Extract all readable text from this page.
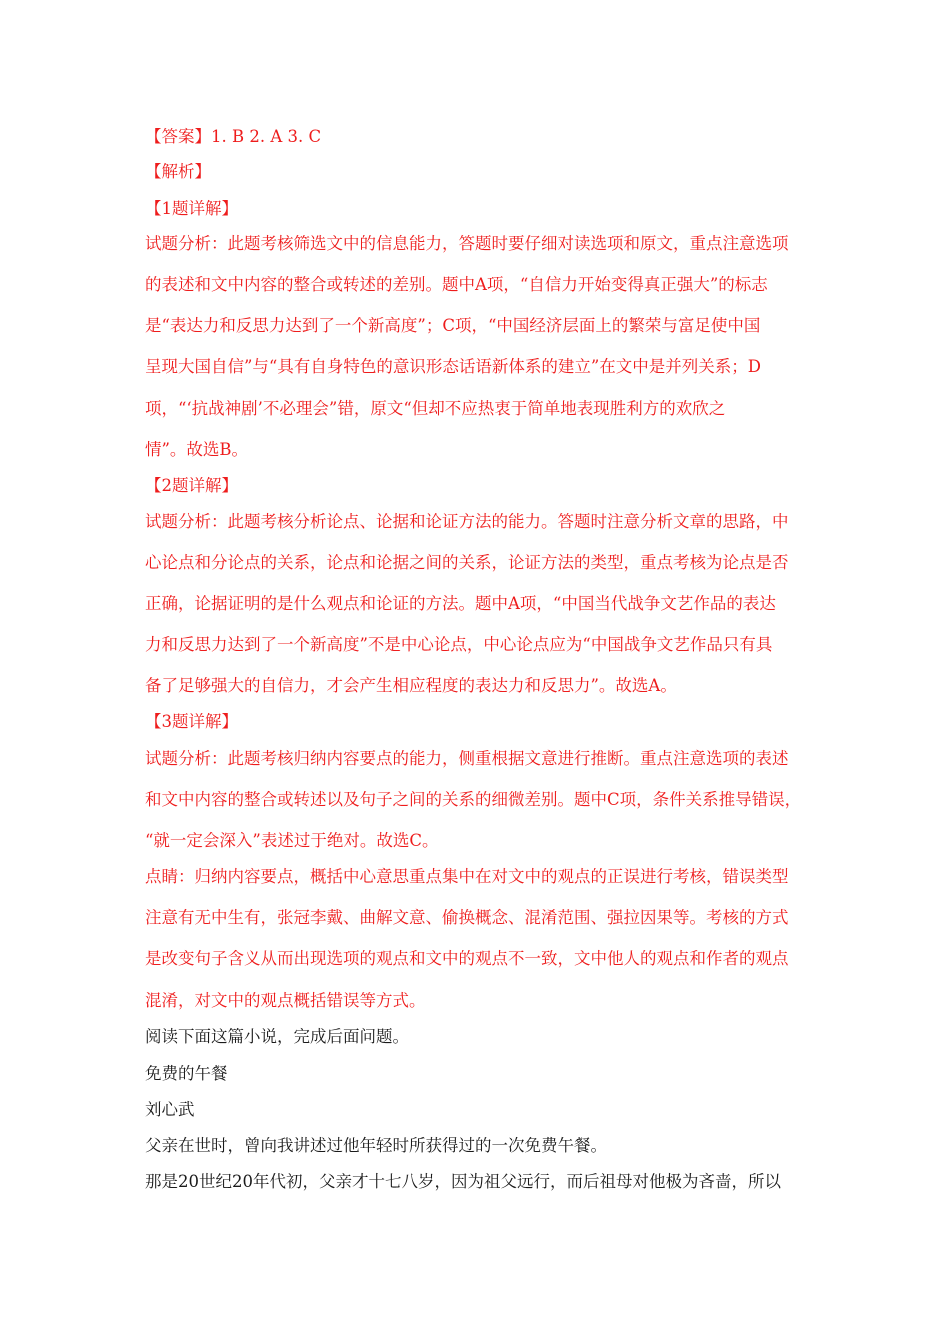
【答案】1. B 2. A 3. C
【解析】
【1题详解】
试题分析：此题考核筛选文中的信息能力，答题时要仔细对读选项和原文，重点注意选项
的表述和文中内容的整合或转述的差别。题中A项，“自信力开始变得真正强大”的标志
是“表达力和反思力达到了一个新高度”；C项，“中国经济层面上的繁荣与富足使中国
呈现大国自信”与“具有自身特色的意识形态话语新体系的建立”在文中是并列关系；D
项，“‘抗战神剧’不必理会”错，原文“但却不应热衷于简单地表现胜利方的欢欣之
情”。故选B。
【2题详解】
试题分析：此题考核分析论点、论据和论证方法的能力。答题时注意分析文章的思路，中
心论点和分论点的关系，论点和论据之间的关系，论证方法的类型，重点考核为论点是否
正确，论据证明的是什么观点和论证的方法。题中A项，“中国当代战争文艺作品的表达
力和反思力达到了一个新高度”不是中心论点，中心论点应为“中国战争文艺作品只有具
备了足够强大的自信力，才会产生相应程度的表达力和反思力”。故选A。
【3题详解】
试题分析：此题考核归纳内容要点的能力，侧重根据文意进行推断。重点注意选项的表述
和文中内容的整合或转述以及句子之间的关系的细微差别。题中C项，条件关系推导错误，
“就一定会深入”表述过于绝对。故选C。
点睛：归纳内容要点，概括中心意思重点集中在对文中的观点的正误进行考核，错误类型
注意有无中生有，张冠李戴、曲解文意、偷换概念、混淆范围、强拉因果等。考核的方式
是改变句子含义从而出现选项的观点和文中的观点不一致，文中他人的观点和作者的观点
混淆，对文中的观点概括错误等方式。
阅读下面这篇小说，完成后面问题。
免费的午餐
刘心武
父亲在世时，曾向我讲述过他年轻时所获得过的一次免费午餐。
那是20世纪20年代初，父亲才十七八岁，因为祖父远行，而后祖母对他极为吝啬，所以
